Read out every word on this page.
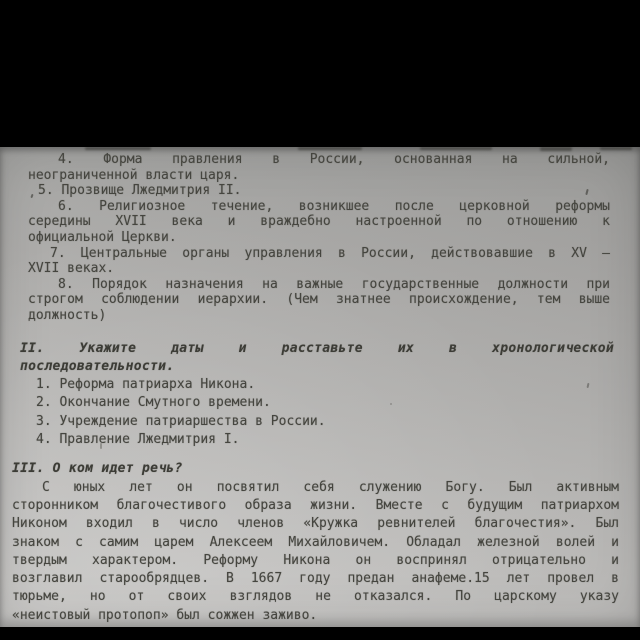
4. Форма правления в России, основанная на сильной,
неограниченной власти царя.
5. Прозвище Лжедмитрия II.
6. Религиозное течение, возникшее после церковной реформы
середины XVII века и враждебно настроенной по отношению к
официальной Церкви.
7. Центральные органы управления в России, действовавшие в XV –
XVII веках.
8. Порядок назначения на важные государственные должности при
строгом соблюдении иерархии. (Чем знатнее происхождение, тем выше
должность)
II. Укажите даты и расставьте их в хронологической
последовательности.
1. Реформа патриарха Никона.
2. Окончание Смутного времени.
3. Учреждение патриаршества в России.
4. Правление Лжедмитрия I.
III. О ком идет речь?
С юных лет он посвятил себя служению Богу. Был активным
сторонником благочестивого образа жизни. Вместе с будущим патриархом
Никоном входил в число членов «Кружка ревнителей благочестия». Был
знаком с самим царем Алексеем Михайловичем. Обладал железной волей и
твердым характером. Реформу Никона он воспринял отрицательно и
возглавил старообрядцев. В 1667 году предан анафеме.15 лет провел в
тюрьме, но от своих взглядов не отказался. По царскому указу
«неистовый протопоп» был сожжен заживо.
